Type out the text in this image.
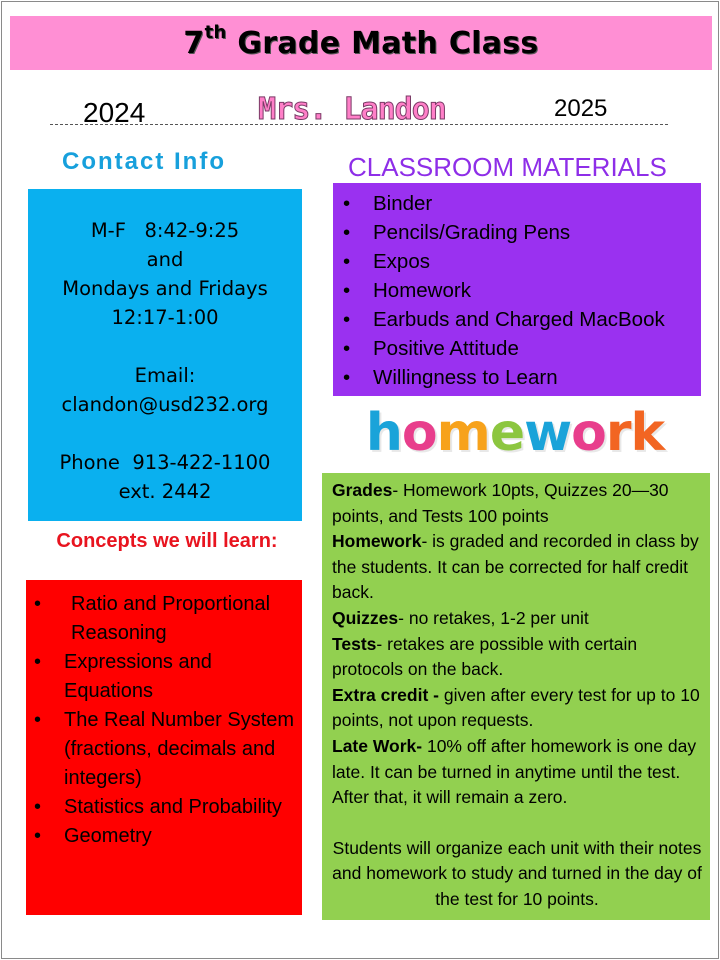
7th Grade Math Class
2024	Mrs. Landon	2025
Contact Info	CLASSROOM MATERIALS
M-F   8:42-9:25
and
Mondays and Fridays
12:17-1:00
Email:
clandon@usd232.org
Phone  913-422-1100
ext. 2442
• Binder
• Pencils/Grading Pens
• Expos
• Homework
• Earbuds and Charged MacBook
• Positive Attitude
• Willingness to Learn
h o m e w o r k
Concepts we will learn:
• Ratio and Proportional Reasoning
• Expressions and Equations
• The Real Number System (fractions, decimals and integers)
• Statistics and Probability
• Geometry

Grades- Homework 10pts, Quizzes 20—30 points, and Tests 100 points

Homework- is graded and recorded in class by the students. It can be corrected for half credit back.

Quizzes- no retakes, 1-2 per unit

Tests- retakes are possible with certain protocols on the back.

Extra credit - given after every test for up to 10 points, not upon requests.

Late Work- 10% off after homework is one day late. It can be turned in anytime until the test. After that, it will remain a zero.

Students will organize each unit with their notes and homework to study and turned in the day of the test for 10 points.
